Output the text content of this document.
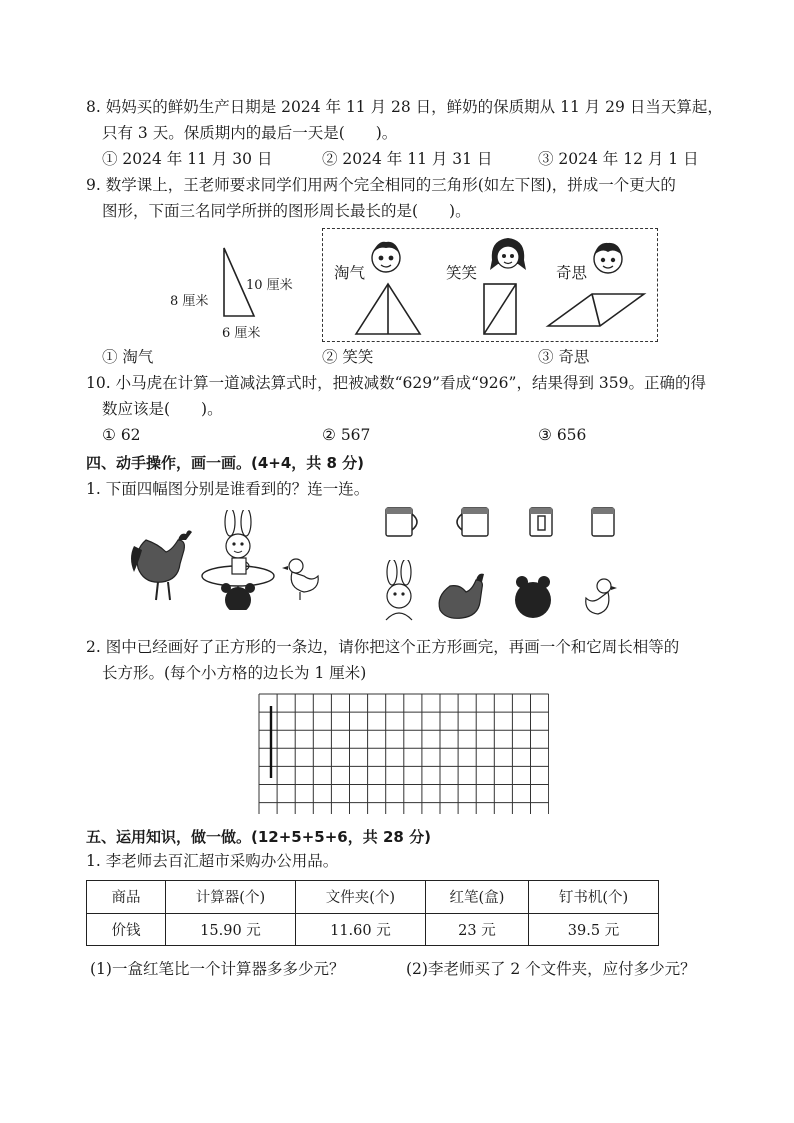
8. 妈妈买的鲜奶生产日期是 2024 年 11 月 28 日，鲜奶的保质期从 11 月 29 日当天算起，
只有 3 天。保质期内的最后一天是(　　)。
① 2024 年 11 月 30 日	② 2024 年 11 月 31 日	③ 2024 年 12 月 1 日
9. 数学课上，王老师要求同学们用两个完全相同的三角形(如左下图)，拼成一个更大的
图形，下面三名同学所拼的图形周长最长的是(　　)。
8 厘米
10 厘米
6 厘米
淘气	笑笑	奇思
① 淘气	② 笑笑	③ 奇思
10. 小马虎在计算一道减法算式时，把被减数“629”看成“926”，结果得到 359。正确的得
数应该是(　　)。
① 62	② 567	③ 656
四、动手操作，画一画。(4+4，共 8 分)
1. 下面四幅图分别是谁看到的？连一连。
2. 图中已经画好了正方形的一条边，请你把这个正方形画完，再画一个和它周长相等的
长方形。(每个小方格的边长为 1 厘米)
五、运用知识，做一做。(12+5+5+6，共 28 分)
1. 李老师去百汇超市采购办公用品。
商品	计算器(个)	文件夹(个)	红笔(盒)	钉书机(个)
价钱	15.90 元	11.60 元	23 元	39.5 元
(1)一盒红笔比一个计算器多多少元？	(2)李老师买了 2 个文件夹，应付多少元？
